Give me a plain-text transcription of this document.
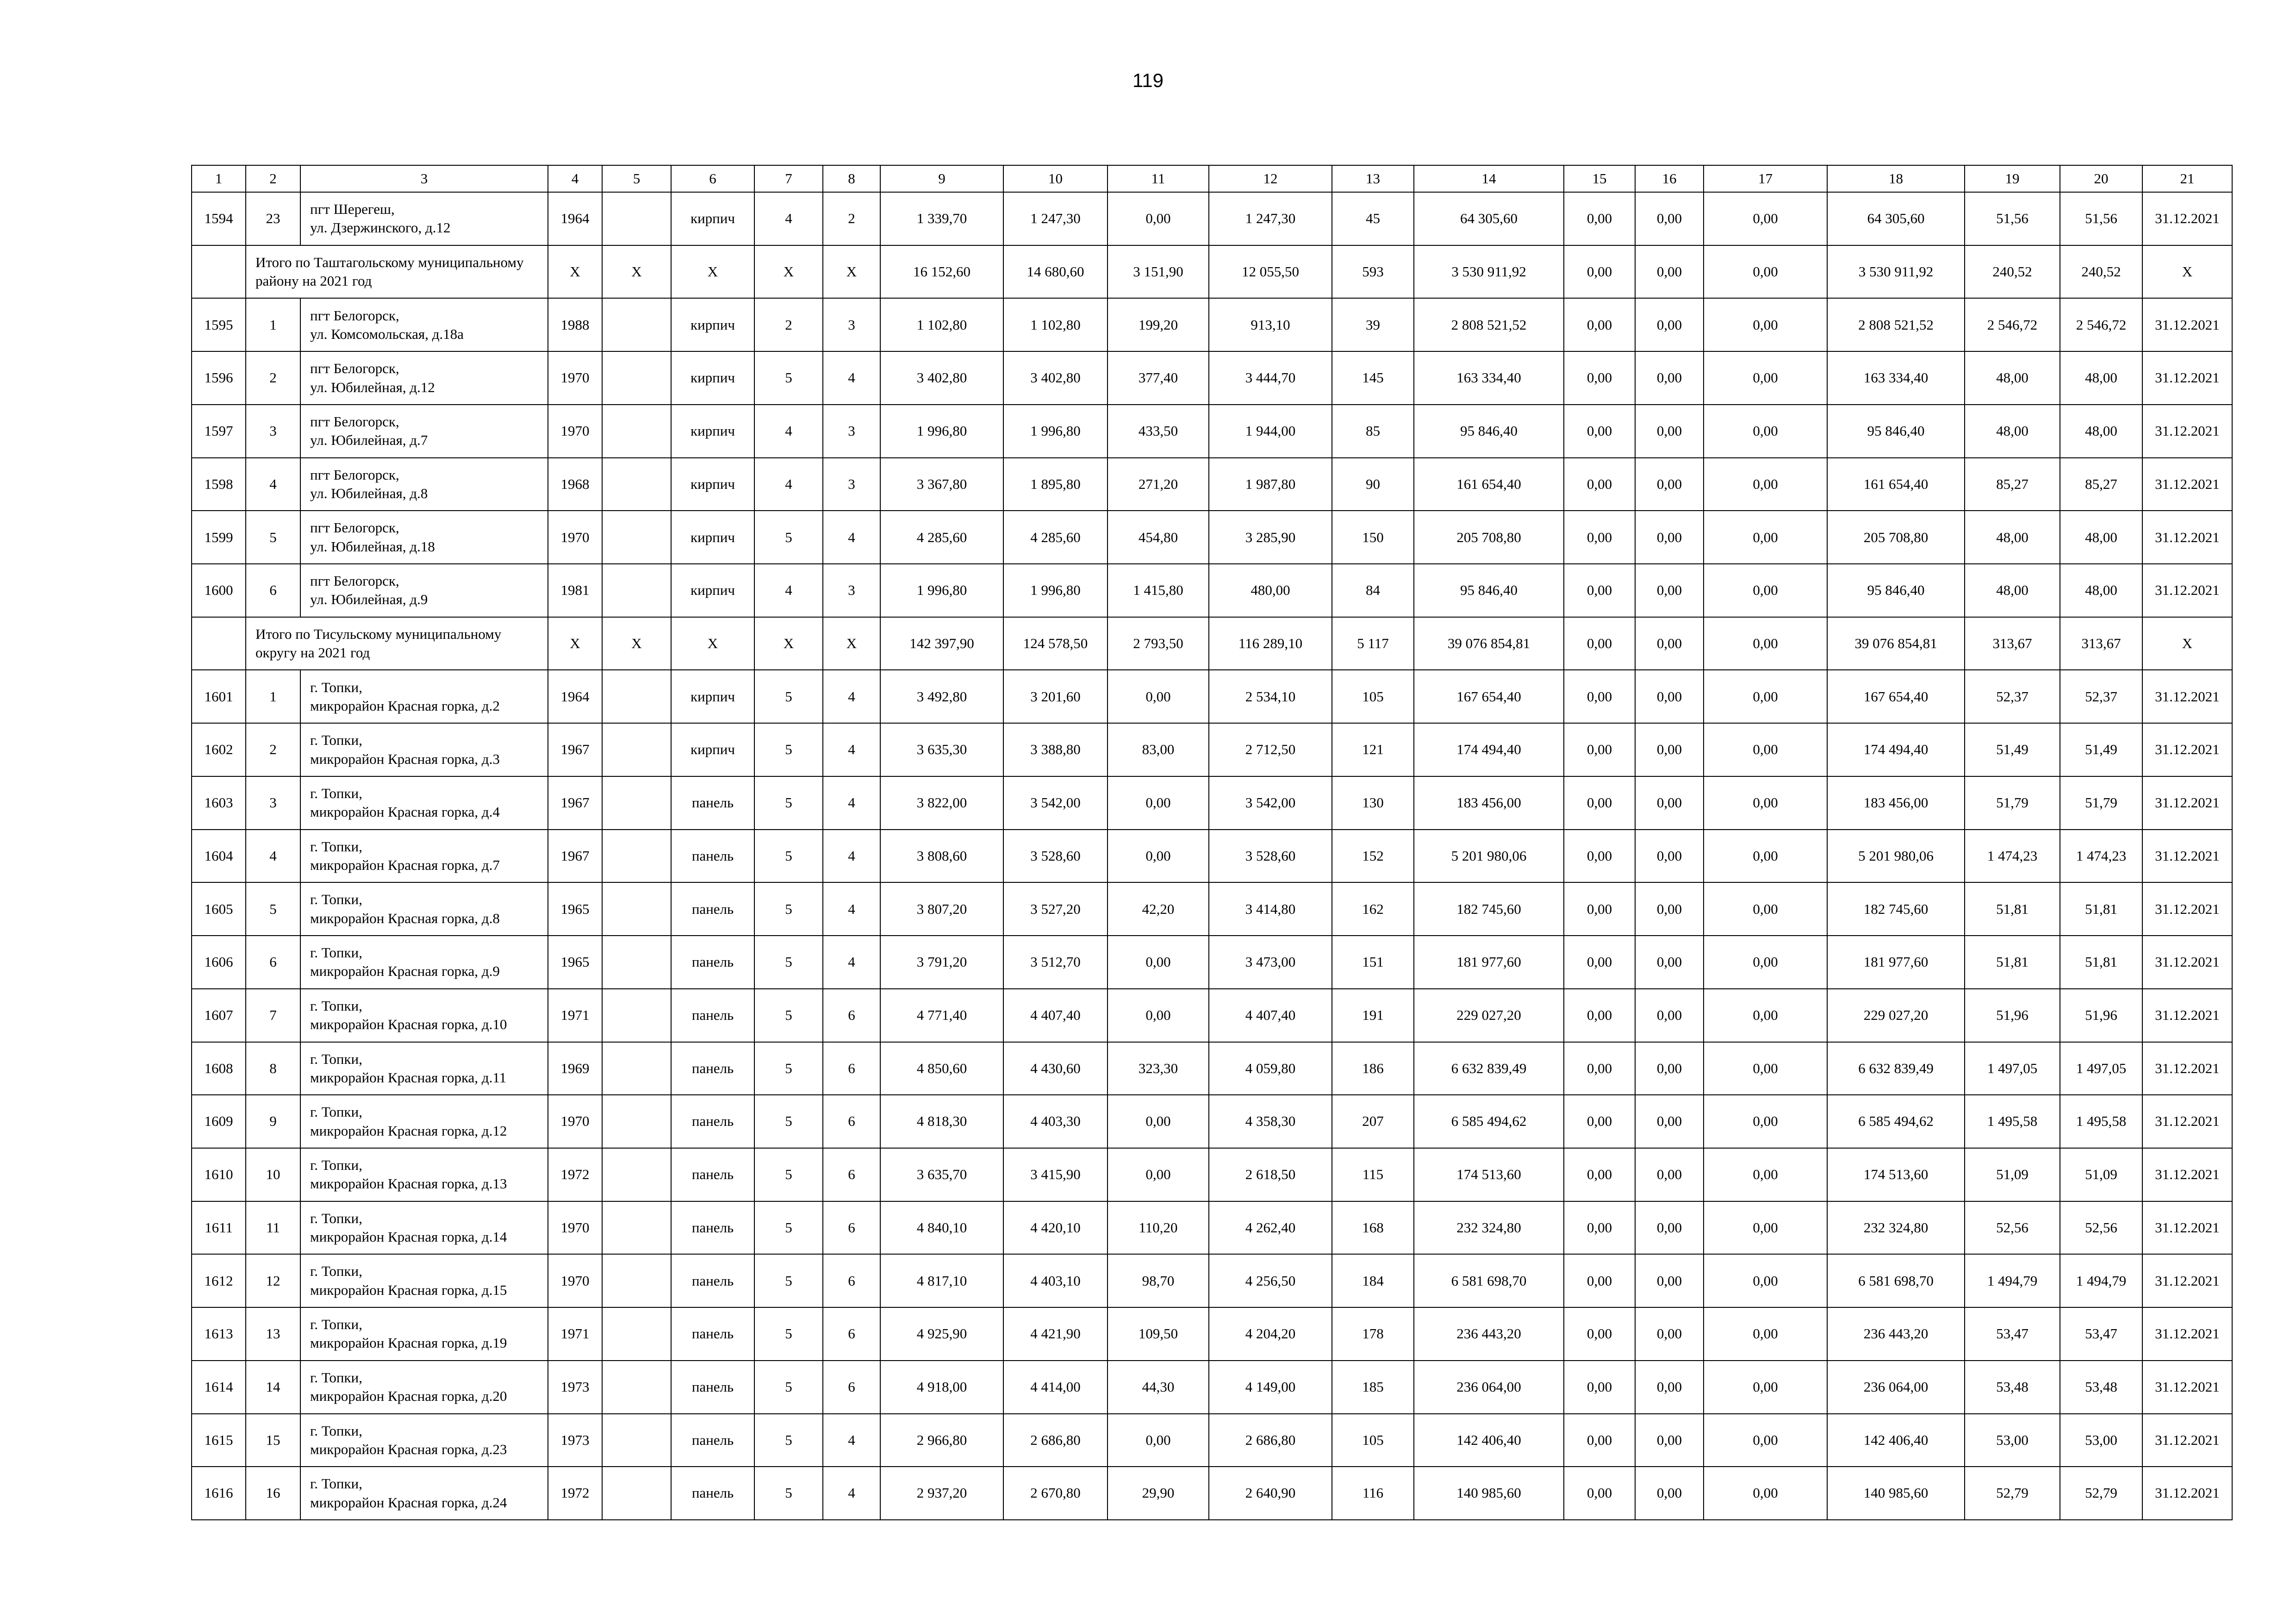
119
1	2	3	4	5	6	7	8	9	10	11	12	13	14	15	16	17	18	19	20	21
1594	23	пгт Шерегеш,
ул. Дзержинского, д.12	1964		кирпич	4	2	1 339,70	1 247,30	0,00	1 247,30	45	64 305,60	0,00	0,00	0,00	64 305,60	51,56	51,56	31.12.2021
	Итого по Таштагольскому муниципальному
району на 2021 год		X	X	X	X	X	16 152,60	14 680,60	3 151,90	12 055,50	593	3 530 911,92	0,00	0,00	0,00	3 530 911,92	240,52	240,52	X
1595	1	пгт Белогорск,
ул. Комсомольская, д.18а	1988		кирпич	2	3	1 102,80	1 102,80	199,20	913,10	39	2 808 521,52	0,00	0,00	0,00	2 808 521,52	2 546,72	2 546,72	31.12.2021
1596	2	пгт Белогорск,
ул. Юбилейная, д.12	1970		кирпич	5	4	3 402,80	3 402,80	377,40	3 444,70	145	163 334,40	0,00	0,00	0,00	163 334,40	48,00	48,00	31.12.2021
1597	3	пгт Белогорск,
ул. Юбилейная, д.7	1970		кирпич	4	3	1 996,80	1 996,80	433,50	1 944,00	85	95 846,40	0,00	0,00	0,00	95 846,40	48,00	48,00	31.12.2021
1598	4	пгт Белогорск,
ул. Юбилейная, д.8	1968		кирпич	4	3	3 367,80	1 895,80	271,20	1 987,80	90	161 654,40	0,00	0,00	0,00	161 654,40	85,27	85,27	31.12.2021
1599	5	пгт Белогорск,
ул. Юбилейная, д.18	1970		кирпич	5	4	4 285,60	4 285,60	454,80	3 285,90	150	205 708,80	0,00	0,00	0,00	205 708,80	48,00	48,00	31.12.2021
1600	6	пгт Белогорск,
ул. Юбилейная, д.9	1981		кирпич	4	3	1 996,80	1 996,80	1 415,80	480,00	84	95 846,40	0,00	0,00	0,00	95 846,40	48,00	48,00	31.12.2021
	Итого по Тисульскому муниципальному
округу на 2021 год		X	X	X	X	X	142 397,90	124 578,50	2 793,50	116 289,10	5 117	39 076 854,81	0,00	0,00	0,00	39 076 854,81	313,67	313,67	X
1601	1	г. Топки,
микрорайон Красная горка, д.2	1964		кирпич	5	4	3 492,80	3 201,60	0,00	2 534,10	105	167 654,40	0,00	0,00	0,00	167 654,40	52,37	52,37	31.12.2021
1602	2	г. Топки,
микрорайон Красная горка, д.3	1967		кирпич	5	4	3 635,30	3 388,80	83,00	2 712,50	121	174 494,40	0,00	0,00	0,00	174 494,40	51,49	51,49	31.12.2021
1603	3	г. Топки,
микрорайон Красная горка, д.4	1967		панель	5	4	3 822,00	3 542,00	0,00	3 542,00	130	183 456,00	0,00	0,00	0,00	183 456,00	51,79	51,79	31.12.2021
1604	4	г. Топки,
микрорайон Красная горка, д.7	1967		панель	5	4	3 808,60	3 528,60	0,00	3 528,60	152	5 201 980,06	0,00	0,00	0,00	5 201 980,06	1 474,23	1 474,23	31.12.2021
1605	5	г. Топки,
микрорайон Красная горка, д.8	1965		панель	5	4	3 807,20	3 527,20	42,20	3 414,80	162	182 745,60	0,00	0,00	0,00	182 745,60	51,81	51,81	31.12.2021
1606	6	г. Топки,
микрорайон Красная горка, д.9	1965		панель	5	4	3 791,20	3 512,70	0,00	3 473,00	151	181 977,60	0,00	0,00	0,00	181 977,60	51,81	51,81	31.12.2021
1607	7	г. Топки,
микрорайон Красная горка, д.10	1971		панель	5	6	4 771,40	4 407,40	0,00	4 407,40	191	229 027,20	0,00	0,00	0,00	229 027,20	51,96	51,96	31.12.2021
1608	8	г. Топки,
микрорайон Красная горка, д.11	1969		панель	5	6	4 850,60	4 430,60	323,30	4 059,80	186	6 632 839,49	0,00	0,00	0,00	6 632 839,49	1 497,05	1 497,05	31.12.2021
1609	9	г. Топки,
микрорайон Красная горка, д.12	1970		панель	5	6	4 818,30	4 403,30	0,00	4 358,30	207	6 585 494,62	0,00	0,00	0,00	6 585 494,62	1 495,58	1 495,58	31.12.2021
1610	10	г. Топки,
микрорайон Красная горка, д.13	1972		панель	5	6	3 635,70	3 415,90	0,00	2 618,50	115	174 513,60	0,00	0,00	0,00	174 513,60	51,09	51,09	31.12.2021
1611	11	г. Топки,
микрорайон Красная горка, д.14	1970		панель	5	6	4 840,10	4 420,10	110,20	4 262,40	168	232 324,80	0,00	0,00	0,00	232 324,80	52,56	52,56	31.12.2021
1612	12	г. Топки,
микрорайон Красная горка, д.15	1970		панель	5	6	4 817,10	4 403,10	98,70	4 256,50	184	6 581 698,70	0,00	0,00	0,00	6 581 698,70	1 494,79	1 494,79	31.12.2021
1613	13	г. Топки,
микрорайон Красная горка, д.19	1971		панель	5	6	4 925,90	4 421,90	109,50	4 204,20	178	236 443,20	0,00	0,00	0,00	236 443,20	53,47	53,47	31.12.2021
1614	14	г. Топки,
микрорайон Красная горка, д.20	1973		панель	5	6	4 918,00	4 414,00	44,30	4 149,00	185	236 064,00	0,00	0,00	0,00	236 064,00	53,48	53,48	31.12.2021
1615	15	г. Топки,
микрорайон Красная горка, д.23	1973		панель	5	4	2 966,80	2 686,80	0,00	2 686,80	105	142 406,40	0,00	0,00	0,00	142 406,40	53,00	53,00	31.12.2021
1616	16	г. Топки,
микрорайон Красная горка, д.24	1972		панель	5	4	2 937,20	2 670,80	29,90	2 640,90	116	140 985,60	0,00	0,00	0,00	140 985,60	52,79	52,79	31.12.2021
